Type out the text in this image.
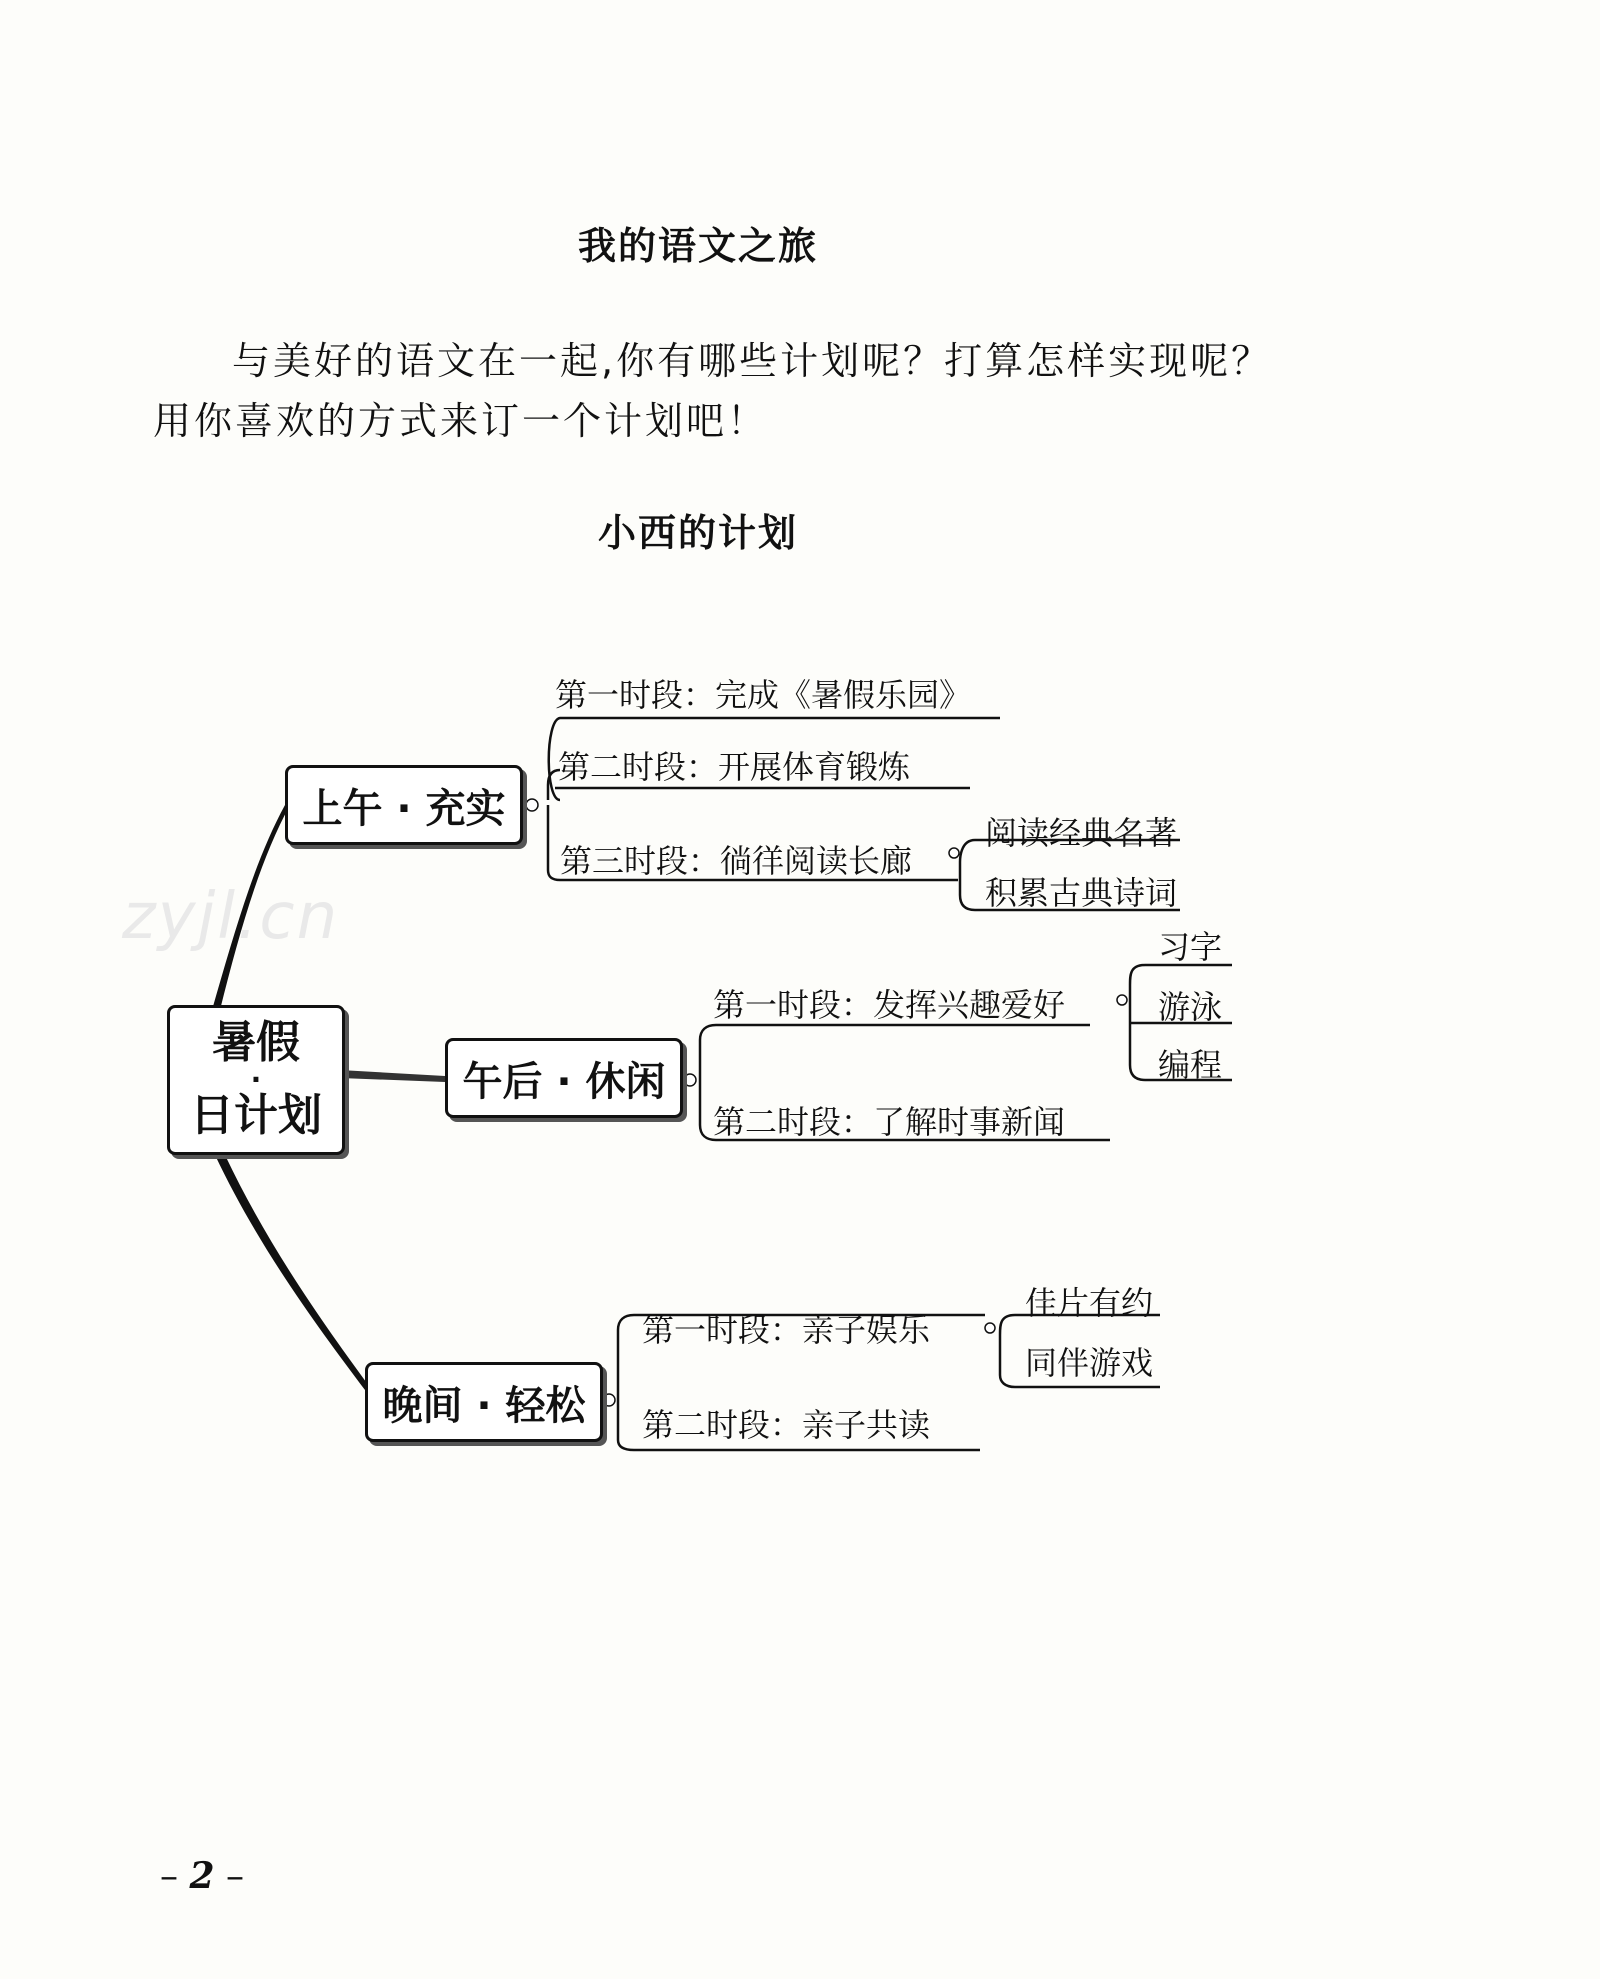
我的语文之旅
与美好的语文在一起,你有哪些计划呢？打算怎样实现呢？
用你喜欢的方式来订一个计划吧！
小西的计划
zyjl.cn
暑假
·
日计划
上午 · 充实
第一时段：完成《暑假乐园》
第二时段：开展体育锻炼
第三时段：徜徉阅读长廊
阅读经典名著
积累古典诗词
午后 · 休闲
第一时段：发挥兴趣爱好
第二时段：了解时事新闻
习字
游泳
编程
晚间 · 轻松
第一时段：亲子娱乐
第二时段：亲子共读
佳片有约
同伴游戏
– 2 –
